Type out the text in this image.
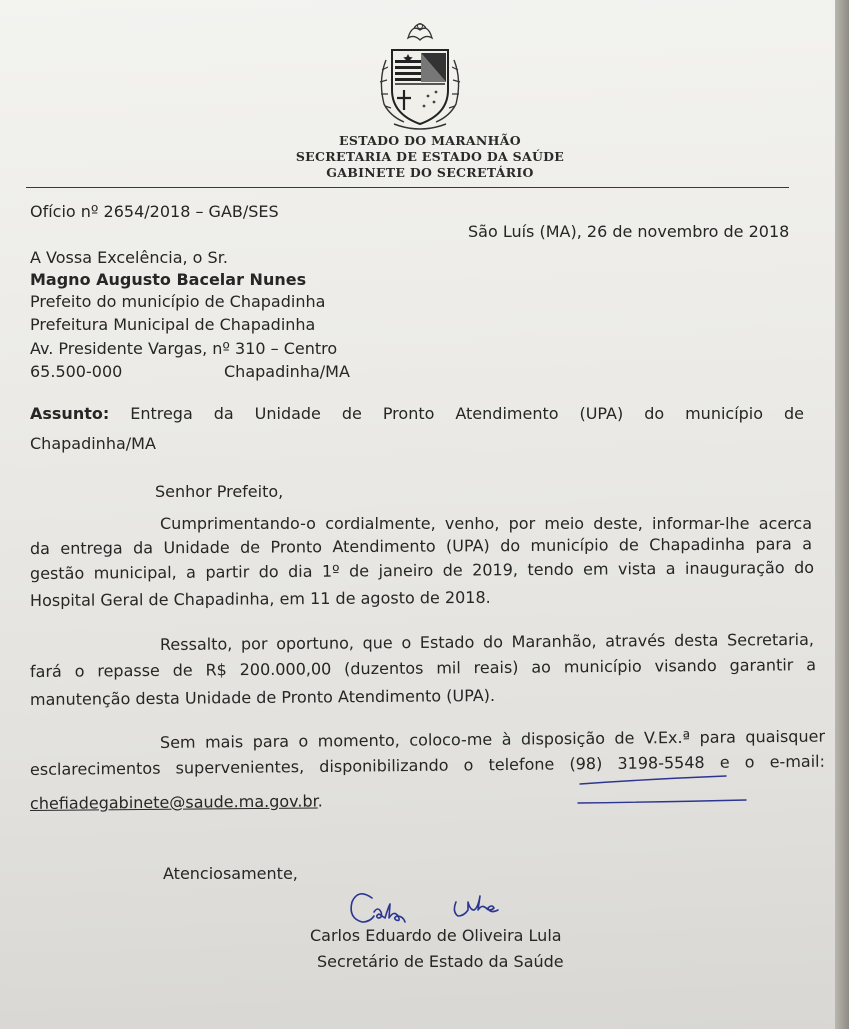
ESTADO DO MARANHÃO
SECRETARIA DE ESTADO DA SAÚDE
GABINETE DO SECRETÁRIO
Ofício nº 2654/2018 – GAB/SES
São Luís (MA), 26 de novembro de 2018
A Vossa Excelência, o Sr.
Magno Augusto Bacelar Nunes
Prefeito do município de Chapadinha
Prefeitura Municipal de Chapadinha
Av. Presidente Vargas, nº 310 – Centro
65.500-000	Chapadinha/MA
Assunto: Entrega da Unidade de Pronto Atendimento (UPA) do município de
Chapadinha/MA
Senhor Prefeito,
Cumprimentando-o cordialmente, venho, por meio deste, informar-lhe acerca
da entrega da Unidade de Pronto Atendimento (UPA) do município de Chapadinha para a
gestão municipal, a partir do dia 1º de janeiro de 2019, tendo em vista a inauguração do
Hospital Geral de Chapadinha, em 11 de agosto de 2018.
Ressalto, por oportuno, que o Estado do Maranhão, através desta Secretaria,
fará o repasse de R$ 200.000,00 (duzentos mil reais) ao município visando garantir a
manutenção desta Unidade de Pronto Atendimento (UPA).
Sem mais para o momento, coloco-me à disposição de V.Ex.ª para quaisquer
esclarecimentos supervenientes, disponibilizando o telefone (98) 3198-5548 e o e-mail:
chefiadegabinete@saude.ma.gov.br.
Atenciosamente,
Carlos Eduardo de Oliveira Lula
Secretário de Estado da Saúde
